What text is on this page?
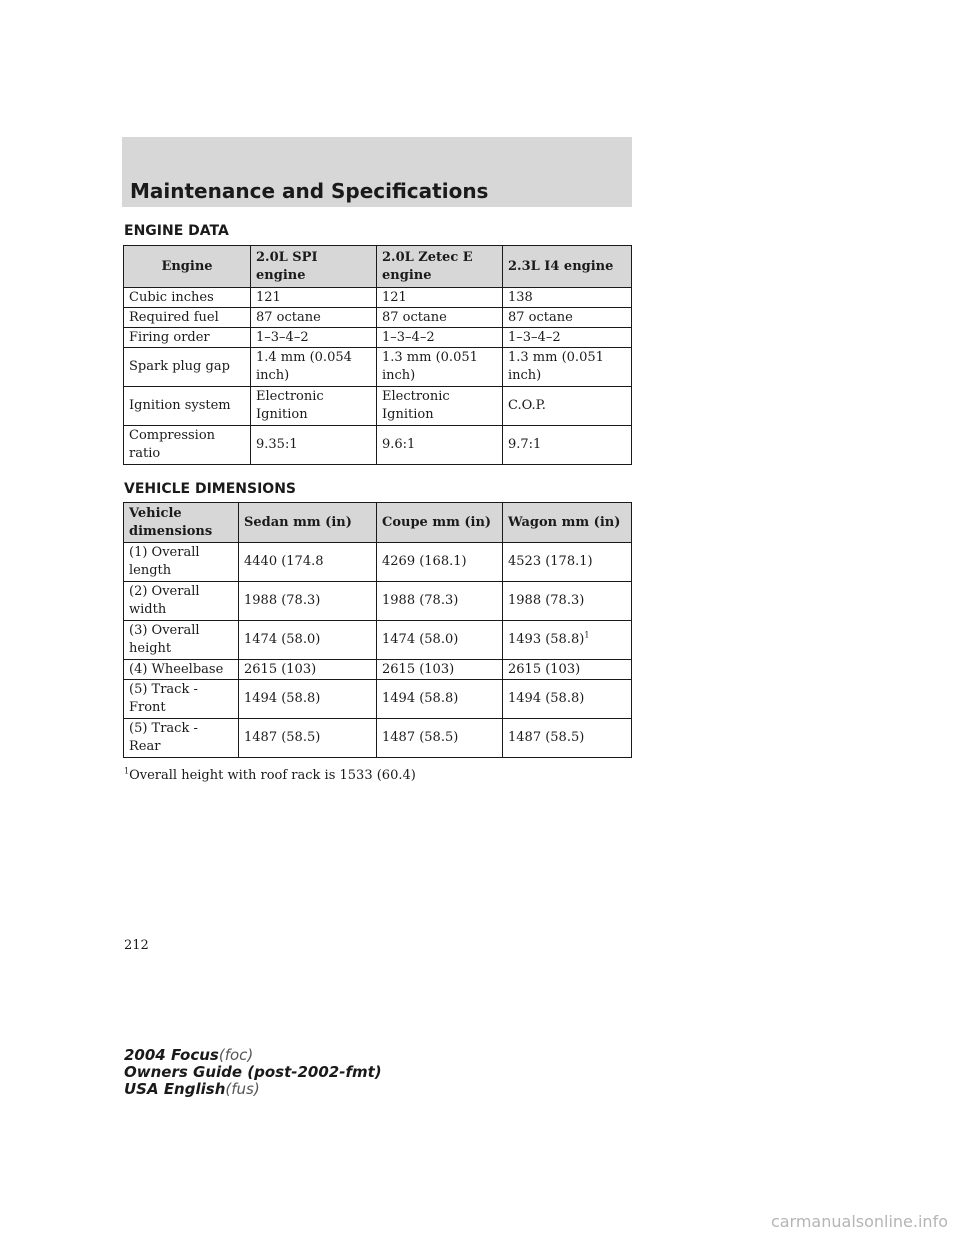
Maintenance and Specifications
ENGINE DATA
Engine	2.0L SPI engine	2.0L Zetec E engine	2.3L I4 engine
Cubic inches	121	121	138
Required fuel	87 octane	87 octane	87 octane
Firing order	1–3–4–2	1–3–4–2	1–3–4–2
Spark plug gap	1.4 mm (0.054 inch)	1.3 mm (0.051 inch)	1.3 mm (0.051 inch)
Ignition system	Electronic Ignition	Electronic Ignition	C.O.P.
Compression ratio	9.35:1	9.6:1	9.7:1
VEHICLE DIMENSIONS
Vehicle dimensions	Sedan mm (in)	Coupe mm (in)	Wagon mm (in)
(1) Overall length	4440 (174.8	4269 (168.1)	4523 (178.1)
(2) Overall width	1988 (78.3)	1988 (78.3)	1988 (78.3)
(3) Overall height	1474 (58.0)	1474 (58.0)	1493 $(58.8)^1$
(4) Wheelbase	2615 (103)	2615 (103)	2615 (103)
(5) Track - Front	1494 (58.8)	1494 (58.8)	1494 (58.8)
(5) Track - Rear	1487 (58.5)	1487 (58.5)	1487 (58.5)
$^1$Overall height with roof rack is 1533 (60.4)
212
2004 Focus(foc)
Owners Guide (post-2002-fmt)
USA English(fus)
carmanualsonline.info
